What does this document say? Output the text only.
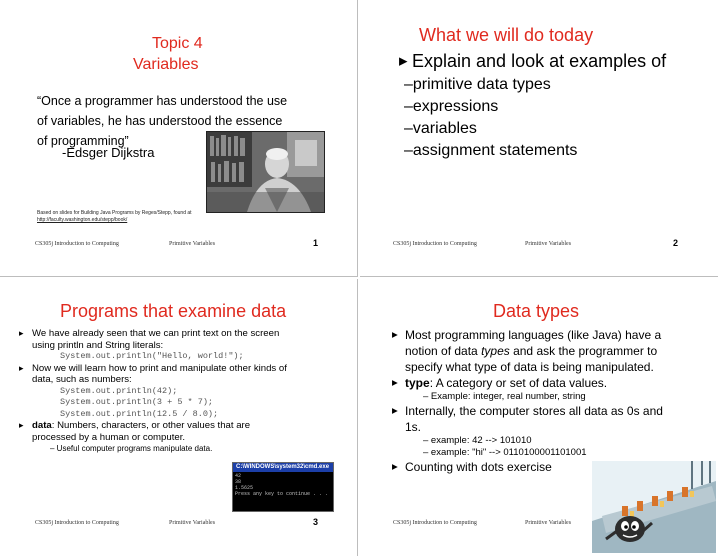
Topic 4
Variables
“Once a programmer has understood the use
of variables, he has understood the essence
of programming”
-Edsger Dijkstra
Based on slides for Building Java Programs by Reges/Stepp, found at
http://faculty.washington.edu/stepp/book/
CS305j Introduction to Computing	Primitive Variables	1
What we will do today
▸ Explain and look at examples of
–primitive data types
–expressions
–variables
–assignment statements
CS305j Introduction to Computing	Primitive Variables	2
Programs that examine data
▸ We have already seen that we can print text on the screen
using println and String literals:
System.out.println("Hello, world!");
▸ Now we will learn how to print and manipulate other kinds of
data, such as numbers:
System.out.println(42);
System.out.println(3 + 5 * 7);
System.out.println(12.5 / 8.0);
▸ data: Numbers, characters, or other values that are
processed by a human or computer.
– Useful computer programs manipulate data.
C:\WINDOWS\system32\cmd.exe
42
38
1.5625
Press any key to continue . . .
CS305j Introduction to Computing	Primitive Variables	3
Data types
▸ Most programming languages (like Java) have a
notion of data types and ask the programmer to
specify what type of data is being manipulated.
▸ type: A category or set of data values.
– Example: integer, real number, string
▸ Internally, the computer stores all data as 0s and
1s.
– example: 42 --> 101010
– example: "hi" --> 0110100001101001
▸ Counting with dots exercise
CS305j Introduction to Computing	Primitive Variables
